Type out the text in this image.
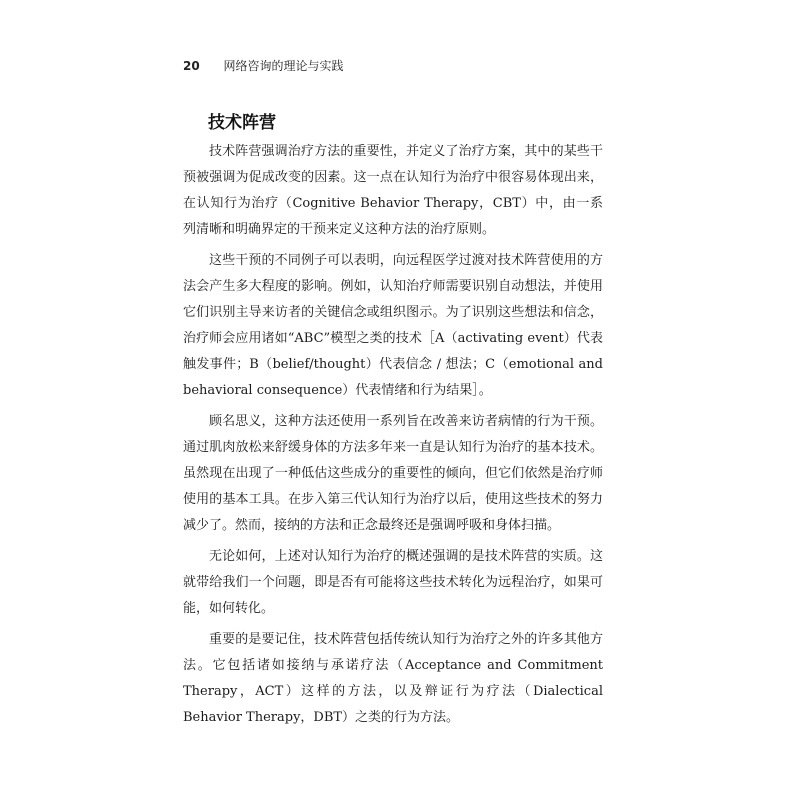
20 网络咨询的理论与实践
技术阵营

技术阵营强调治疗方法的重要性，并定义了治疗方案，其中的某些干预被强调为促成改变的因素。这一点在认知行为治疗中很容易体现出来，在认知行为治疗（Cognitive Behavior Therapy，CBT）中，由一系列清晰和明确界定的干预来定义这种方法的治疗原则。

这些干预的不同例子可以表明，向远程医学过渡对技术阵营使用的方法会产生多大程度的影响。例如，认知治疗师需要识别自动想法，并使用它们识别主导来访者的关键信念或组织图示。为了识别这些想法和信念，治疗师会应用诸如“ABC”模型之类的技术［A（activating event）代表触发事件；B（belief/thought）代表信念 / 想法；C（emotional and behavioral consequence）代表情绪和行为结果］。

顾名思义，这种方法还使用一系列旨在改善来访者病情的行为干预。通过肌肉放松来舒缓身体的方法多年来一直是认知行为治疗的基本技术。虽然现在出现了一种低估这些成分的重要性的倾向，但它们依然是治疗师使用的基本工具。在步入第三代认知行为治疗以后，使用这些技术的努力减少了。然而，接纳的方法和正念最终还是强调呼吸和身体扫描。

无论如何，上述对认知行为治疗的概述强调的是技术阵营的实质。这就带给我们一个问题，即是否有可能将这些技术转化为远程治疗，如果可能，如何转化。

重要的是要记住，技术阵营包括传统认知行为治疗之外的许多其他方法。它包括诸如接纳与承诺疗法（Acceptance and Commitment Therapy，ACT）这样的方法，以及辩证行为疗法（Dialectical Behavior Therapy，DBT）之类的行为方法。
